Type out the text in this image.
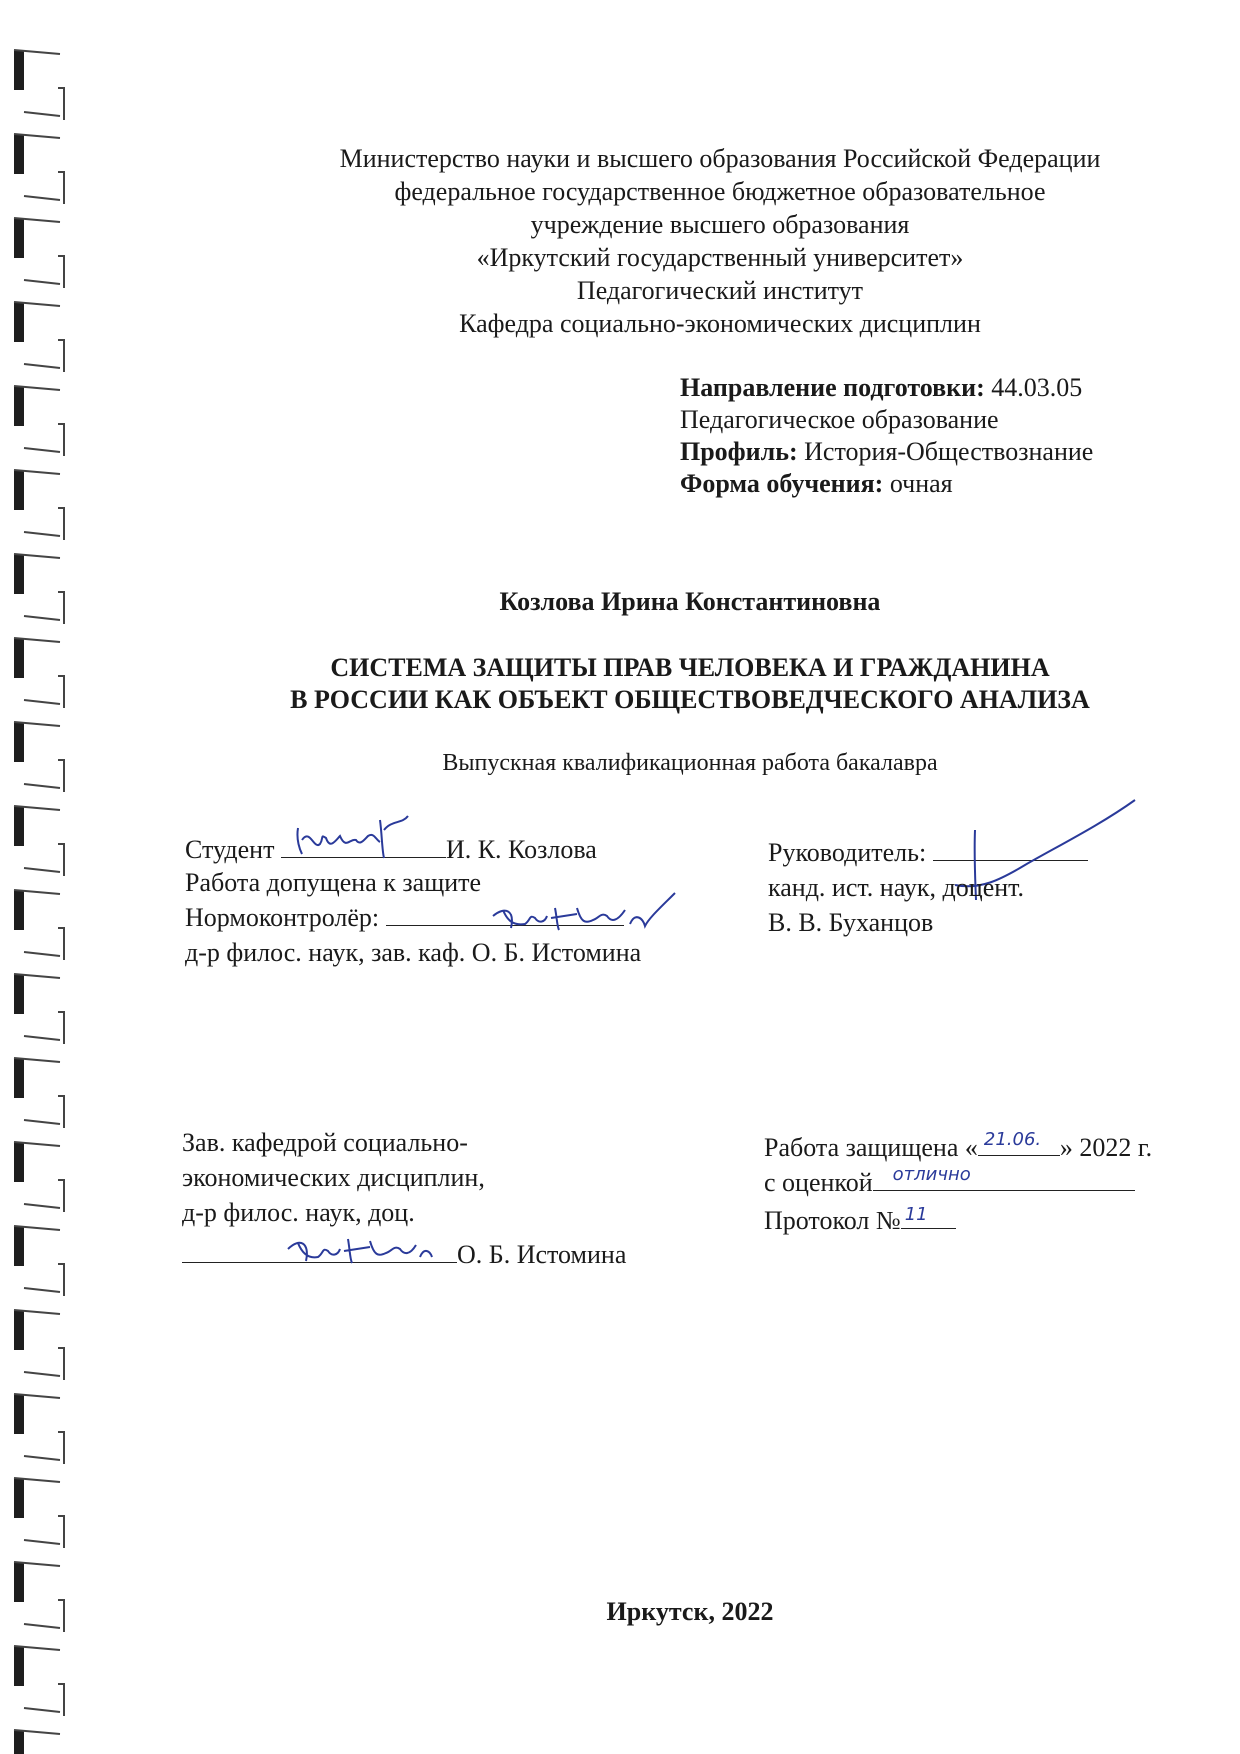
Министерство науки и высшего образования Российской Федерации
федеральное государственное бюджетное образовательное
учреждение высшего образования
«Иркутский государственный университет»
Педагогический институт
Кафедра социально-экономических дисциплин
Направление подготовки: 44.03.05
Педагогическое образование
Профиль: История-Обществознание
Форма обучения: очная
Козлова Ирина Константиновна
СИСТЕМА ЗАЩИТЫ ПРАВ ЧЕЛОВЕКА И ГРАЖДАНИНА
В РОССИИ КАК ОБЪЕКТ ОБЩЕСТВОВЕДЧЕСКОГО АНАЛИЗА
Выпускная квалификационная работа бакалавра
Студент	И. К. Козлова
Работа допущена к защите
Нормоконтролёр:
д-р филос. наук, зав. каф. О. Б. Истомина
Руководитель:
канд. ист. наук, доцент.
В. В. Буханцов
Зав. кафедрой социально-
экономических дисциплин,
д-р филос. наук, доц.
О. Б. Истомина
Работа защищена « 21.06. » 2022 г.
с оценкой отлично
Протокол № 11
Иркутск, 2022
